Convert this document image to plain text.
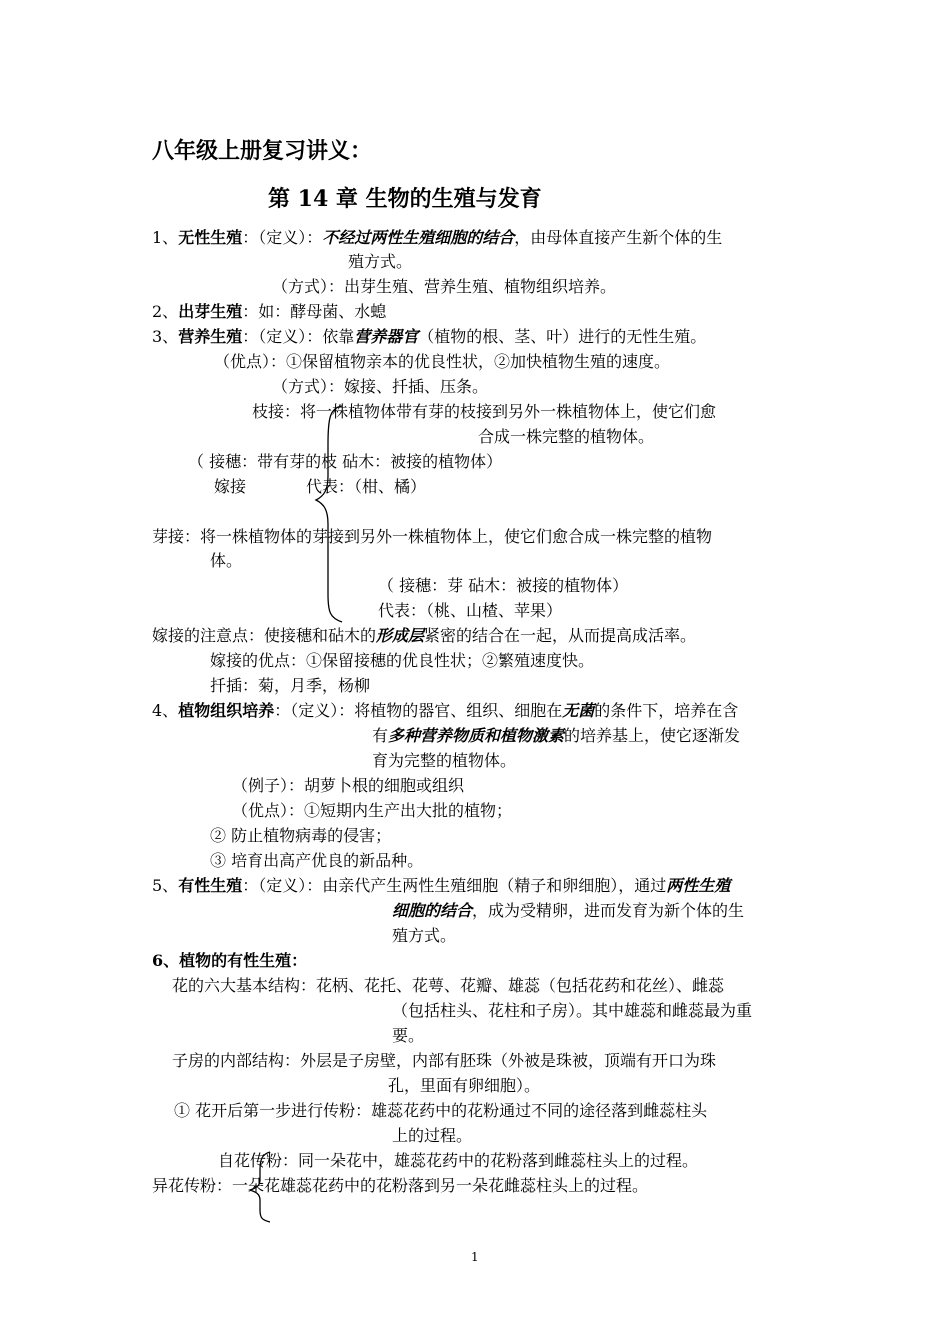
八年级上册复习讲义：
第 14 章 生物的生殖与发育
1、无性生殖：（定义）：不经过两性生殖细胞的结合，由母体直接产生新个体的生
殖方式。
（方式）：出芽生殖、营养生殖、植物组织培养。
2、出芽生殖：如：酵母菌、水螅
3、营养生殖：（定义）：依靠营养器官（植物的根、茎、叶）进行的无性生殖。
（优点）：①保留植物亲本的优良性状，②加快植物生殖的速度。
（方式）：嫁接、扦插、压条。
枝接：将一株植物体带有芽的枝接到另外一株植物体上，使它们愈
合成一株完整的植物体。
（ 接穗：带有芽的枝 砧木：被接的植物体）
嫁接	代表：（柑、橘）
芽接：将一株植物体的芽接到另外一株植物体上，使它们愈合成一株完整的植物
体。
（ 接穗：芽 砧木：被接的植物体）
代表：（桃、山楂、苹果）
嫁接的注意点：使接穗和砧木的形成层紧密的结合在一起，从而提高成活率。
嫁接的优点：①保留接穗的优良性状；②繁殖速度快。
扦插：菊，月季，杨柳
4、植物组织培养：（定义）：将植物的器官、组织、细胞在无菌的条件下，培养在含
有多种营养物质和植物激素的培养基上，使它逐渐发
育为完整的植物体。
（例子）：胡萝卜根的细胞或组织
（优点）：①短期内生产出大批的植物；
② 防止植物病毒的侵害；
③ 培育出高产优良的新品种。
5、有性生殖：（定义）：由亲代产生两性生殖细胞（精子和卵细胞），通过两性生殖
细胞的结合，成为受精卵，进而发育为新个体的生
殖方式。
6、植物的有性生殖：
花的六大基本结构：花柄、花托、花萼、花瓣、雄蕊（包括花药和花丝）、雌蕊
（包括柱头、花柱和子房）。其中雄蕊和雌蕊最为重
要。
子房的内部结构：外层是子房壁，内部有胚珠（外被是珠被，顶端有开口为珠
孔，里面有卵细胞）。
① 花开后第一步进行传粉：雄蕊花药中的花粉通过不同的途径落到雌蕊柱头
上的过程。
自花传粉：同一朵花中，雄蕊花药中的花粉落到雌蕊柱头上的过程。
异花传粉：一朵花雄蕊花药中的花粉落到另一朵花雌蕊柱头上的过程。
1
